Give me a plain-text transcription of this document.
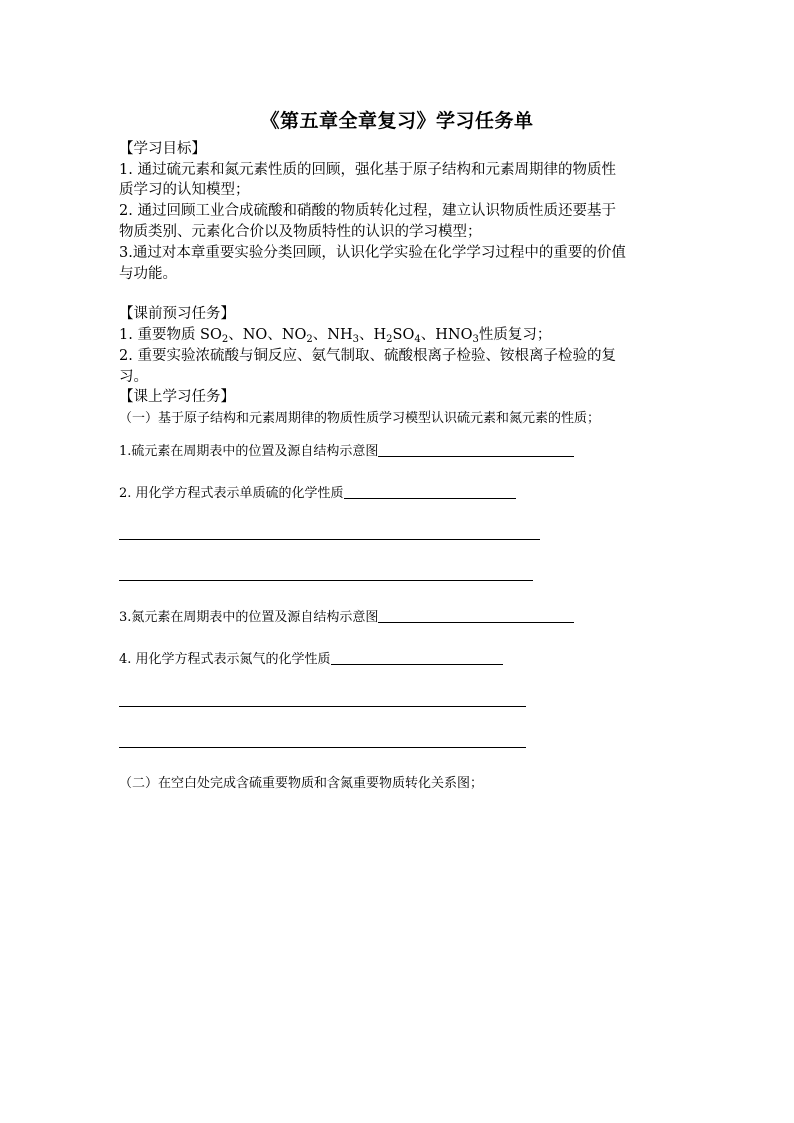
《第五章全章复习》学习任务单
【学习目标】
1. 通过硫元素和氮元素性质的回顾，强化基于原子结构和元素周期律的物质性
质学习的认知模型；
2. 通过回顾工业合成硫酸和硝酸的物质转化过程，建立认识物质性质还要基于
物质类别、元素化合价以及物质特性的认识的学习模型；
3.通过对本章重要实验分类回顾，认识化学实验在化学学习过程中的重要的价值
与功能。
【课前预习任务】
1. 重要物质 $SO_2$、NO、$NO_2$、$NH_3$、$H_2SO_4$、$HNO_3$性质复习；
2. 重要实验浓硫酸与铜反应、氨气制取、硫酸根离子检验、铵根离子检验的复
习。
【课上学习任务】
（一）基于原子结构和元素周期律的物质性质学习模型认识硫元素和氮元素的性质；
1.硫元素在周期表中的位置及源自结构示意图
2. 用化学方程式表示单质硫的化学性质
3.氮元素在周期表中的位置及源自结构示意图
4. 用化学方程式表示氮气的化学性质
（二）在空白处完成含硫重要物质和含氮重要物质转化关系图；
